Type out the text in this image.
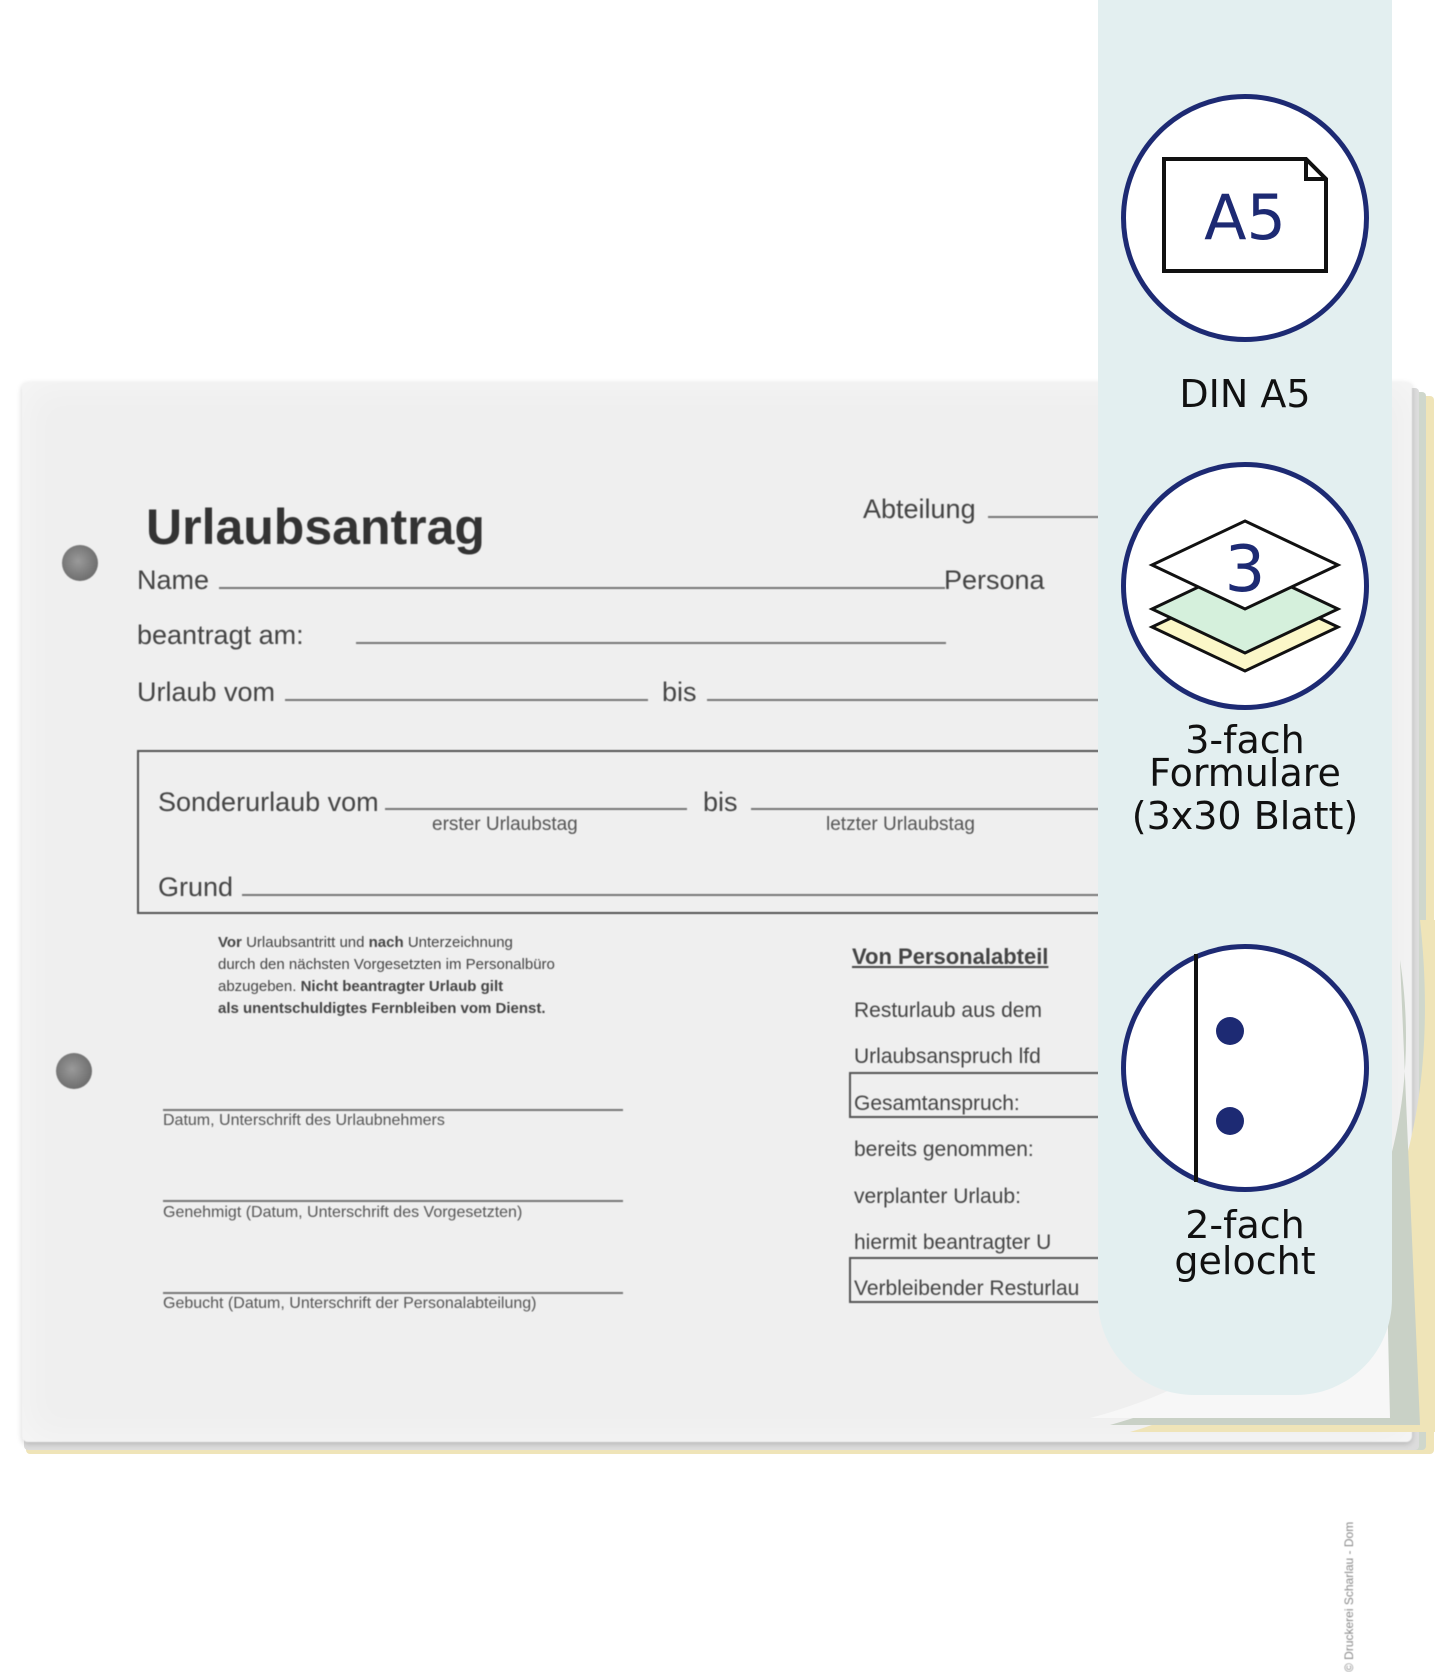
Urlaubsantrag	Abteilung
Name	Persona
beantragt am:
Urlaub vom	bis
Sonderurlaub vom	bis
erster Urlaubstag	letzter Urlaubstag
Grund
Vor Urlaubsantritt und nach Unterzeichnung
durch den nächsten Vorgesetzten im Personalbüro
abzugeben. Nicht beantragter Urlaub gilt
als unentschuldigtes Fernbleiben vom Dienst.
Datum, Unterschrift des Urlaubnehmers
Genehmigt (Datum, Unterschrift des Vorgesetzten)
Gebucht (Datum, Unterschrift der Personalabteilung)
Von Personalabteil
Resturlaub aus dem
Urlaubsanspruch lfd
Gesamtanspruch:
bereits genommen:
verplanter Urlaub:
hiermit beantragter U
Verbleibender Resturlau
© Druckerei Scharlau - Dom
A5
DIN A5
3
3-fach
Formulare
(3x30 Blatt)
2-fach
gelocht
